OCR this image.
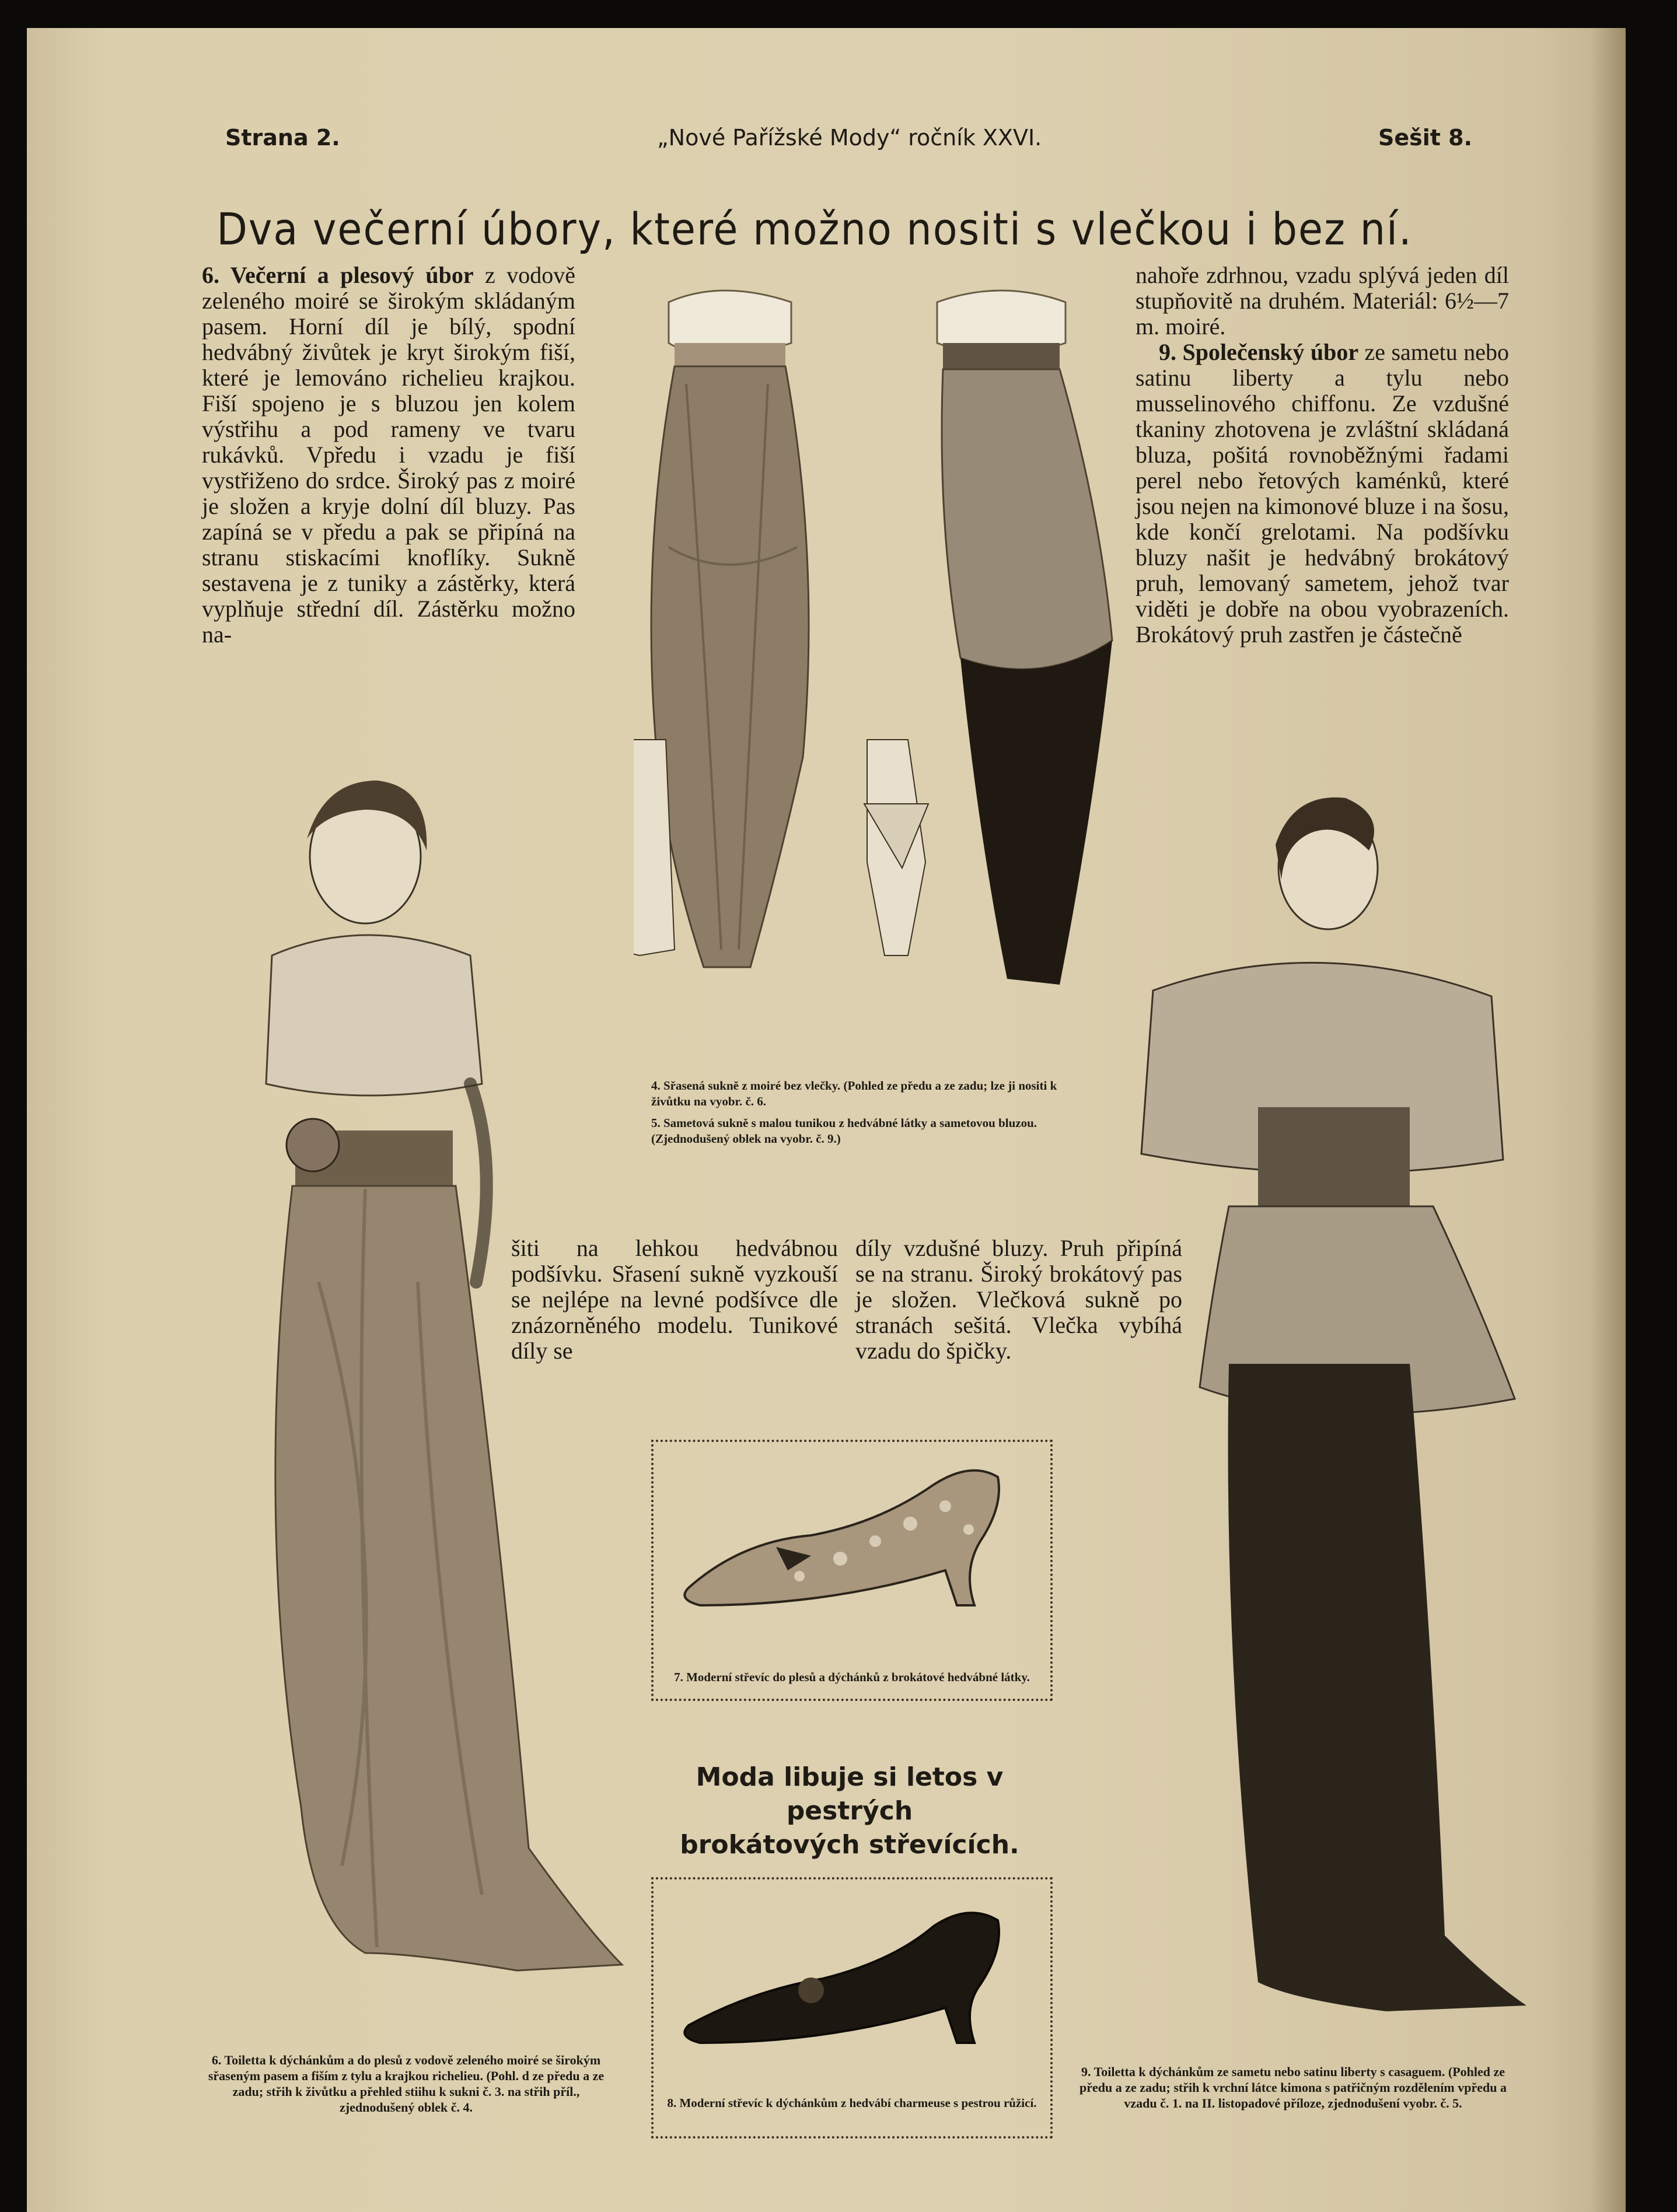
Strana 2.	„Nové Pařížské Mody“ ročník XXVI.	Sešit 8.
Dva večerní úbory, které možno nositi s vlečkou i bez ní.

6. Večerní a plesový úbor z vodově zeleného moiré se širokým skládaným pasem. Horní díl je bílý, spodní hedvábný živůtek je kryt širokým fiší, které je lemováno richelieu krajkou. Fiší spojeno je s bluzou jen kolem výstřihu a pod rameny ve tvaru rukávků. Vpředu i vzadu je fiší vystřiženo do srdce. Široký pas z moiré je složen a kryje dolní díl bluzy. Pas zapíná se v předu a pak se připíná na stranu stiskacími knoflíky. Sukně sestavena je z tuniky a zástěrky, která vyplňuje střední díl. Zástěrku možno na-

nahoře zdrhnou, vzadu splývá jeden díl stupňovitě na druhém. Materiál: 6½—7 m. moiré.

9. Společenský úbor ze sametu nebo satinu liberty a tylu nebo musselinového chiffonu. Ze vzdušné tkaniny zhotovena je zvláštní skládaná bluza, pošitá rovnoběžnými řadami perel nebo řetových kaménků, které jsou nejen na kimonové bluze i na šosu, kde končí grelotami. Na podšívku bluzy našit je hedvábný brokátový pruh, lemovaný sametem, jehož tvar viděti je dobře na obou vyobrazeních. Brokátový pruh zastřen je částečně

4. Sřasená sukně z moiré bez vlečky. (Pohled ze předu a ze zadu; lze ji nositi k živůtku na vyobr. č. 6.

5. Sametová sukně s malou tunikou z hedvábné látky a sametovou bluzou. (Zjednodušený oblek na vyobr. č. 9.)

šiti na lehkou hedvábnou podšívku. Sřasení sukně vyzkouší se nejlépe na levné podšívce dle znázorněného modelu. Tunikové díly se

díly vzdušné bluzy. Pruh připíná se na stranu. Široký brokátový pas je složen. Vlečková sukně po stranách sešitá. Vlečka vybíhá vzadu do špičky.

7. Moderní střevíc do plesů a dýchánků z brokátové hedvábné látky.
Moda libuje si letos v pestrých
brokátových střevících.
8. Moderní střevíc k dýchánkům z hedvábí charmeuse s pestrou růžicí.
6. Toiletta k dýchánkům a do plesů z vodově zeleného moiré se širokým sřaseným pasem a fiším z tylu a krajkou richelieu. (Pohl. d ze předu a ze zadu; střih k živůtku a přehled stiihu k sukni č. 3. na střih příl., zjednodušený oblek č. 4.
9. Toiletta k dýchánkům ze sametu nebo satinu liberty s casaguem. (Pohled ze předu a ze zadu; střih k vrchní látce kimona s patřičným rozdělením vpředu a vzadu č. 1. na II. listopadové příloze, zjednodušení vyobr. č. 5.
